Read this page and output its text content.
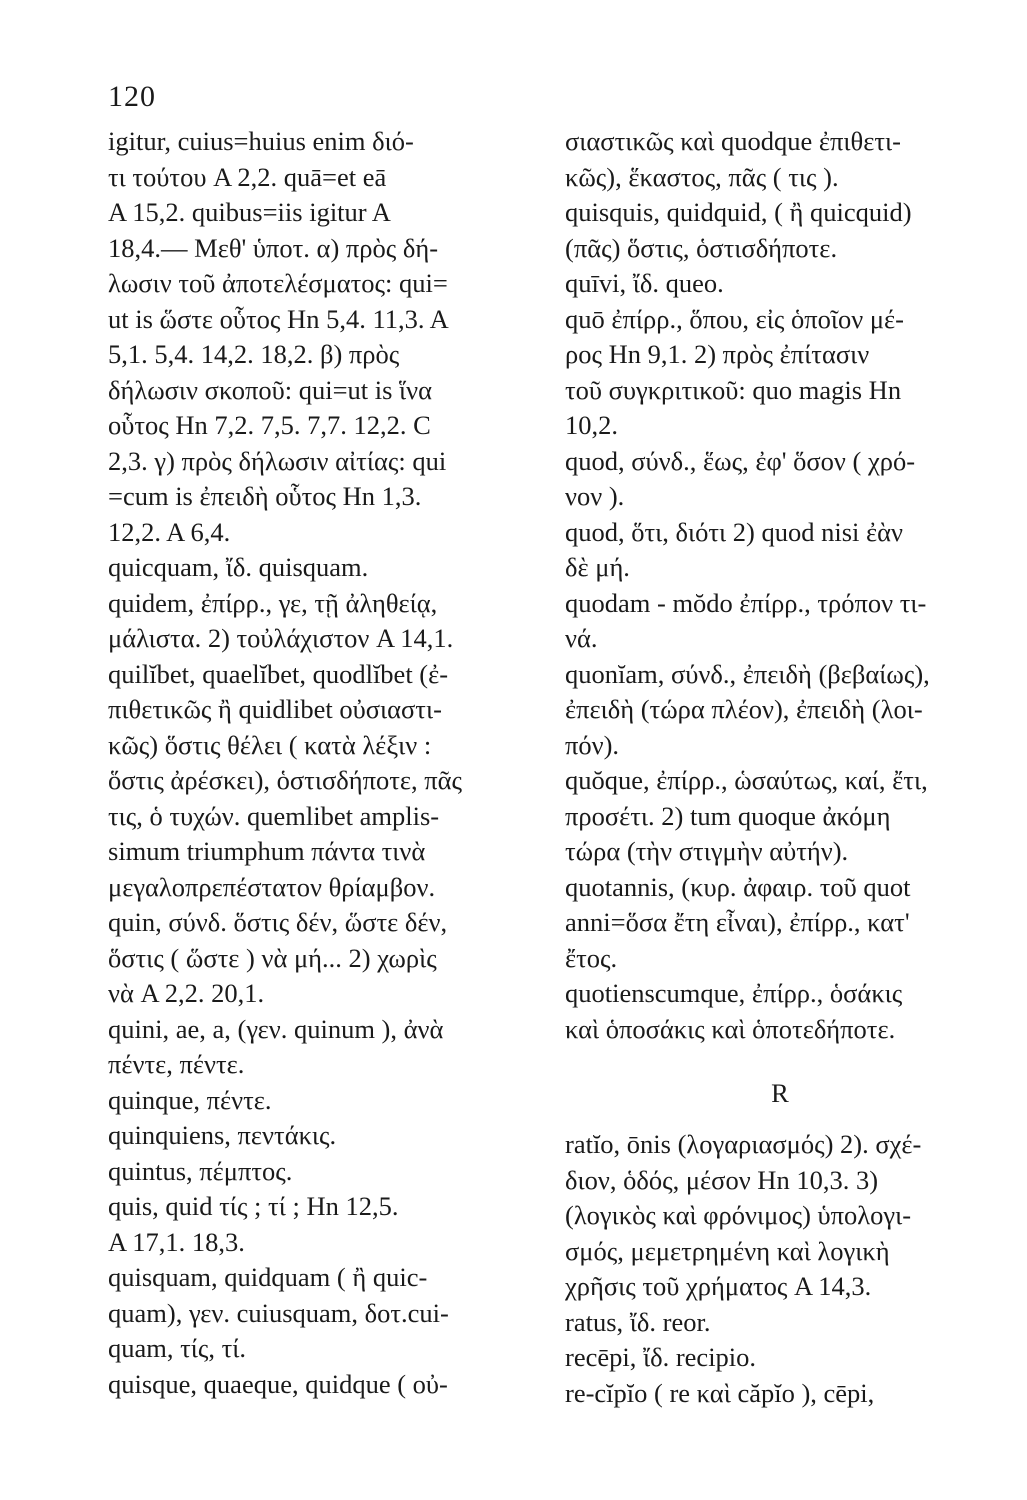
120
igitur, cuius=huius enim διό-
τι τούτου A 2,2. quā=et eā
A 15,2. quibus=iis igitur A
18,4.— Μεθ' ὑποτ. α) πρὸς δή-
λωσιν τοῦ ἀποτελέσματος: qui=
ut is ὥστε οὗτος Hn 5,4. 11,3. A
5,1. 5,4. 14,2. 18,2. β) πρὸς
δήλωσιν σκοποῦ: qui=ut is ἵνα
οὗτος Hn 7,2. 7,5. 7,7. 12,2. C
2,3. γ) πρὸς δήλωσιν αἰτίας: qui
=cum is ἐπειδὴ οὗτος Hn 1,3.
12,2. A 6,4.
quicquam, ἴδ. quisquam.
quidem, ἐπίρρ., γε, τῇ ἀληθείᾳ,
μάλιστα. 2) τοὐλάχιστον A 14,1.
quilĭbet, quaelĭbet, quodlĭbet (ἐ-
πιθετικῶς ἢ quidlibet οὐσιαστι-
κῶς) ὅστις θέλει ( κατὰ λέξιν :
ὅστις ἀρέσκει), ὁστισδήποτε, πᾶς
τις, ὁ τυχών. quemlibet amplis-
simum triumphum πάντα τινὰ
μεγαλοπρεπέστατον θρίαμβον.
quin, σύνδ. ὅστις δέν, ὥστε δέν,
ὅστις ( ὥστε ) νὰ μή... 2) χωρὶς
νὰ A 2,2. 20,1.
quini, ae, a, (γεν. quinum ), ἀνὰ
πέντε, πέντε.
quinque, πέντε.
quinquiens, πεντάκις.
quintus, πέμπτος.
quis, quid τίς ; τί ; Hn 12,5.
A 17,1. 18,3.
quisquam, quidquam ( ἢ quic-
quam), γεν. cuiusquam, δοτ.cui-
quam, τίς, τί.
quisque, quaeque, quidque ( οὐ-
σιαστικῶς καὶ quodque ἐπιθετι-
κῶς), ἕκαστος, πᾶς ( τις ).
quisquis, quidquid, ( ἢ quicquid)
(πᾶς) ὅστις, ὁστισδήποτε.
quīvi, ἴδ. queo.
quō ἐπίρρ., ὅπου, εἰς ὁποῖον μέ-
ρος Hn 9,1. 2) πρὸς ἐπίτασιν
τοῦ συγκριτικοῦ: quo magis Hn
10,2.
quod, σύνδ., ἕως, ἐφ' ὅσον ( χρό-
νον ).
quod, ὅτι, διότι 2) quod nisi ἐὰν
δὲ μή.
quodam - mŏdo ἐπίρρ., τρόπον τι-
νά.
quonĭam, σύνδ., ἐπειδὴ (βεβαίως),
ἐπειδὴ (τώρα πλέον), ἐπειδὴ (λοι-
πόν).
quŏque, ἐπίρρ., ὡσαύτως, καί, ἔτι,
προσέτι. 2) tum quoque ἀκόμη
τώρα (τὴν στιγμὴν αὐτήν).
quotannis, (κυρ. ἀφαιρ. τοῦ quot
anni=ὅσα ἔτη εἶναι), ἐπίρρ., κατ'
ἔτος.
quotienscumque, ἐπίρρ., ὁσάκις
καὶ ὁποσάκις καὶ ὁποτεδήποτε.
R
ratĭo, ōnis (λογαριασμός) 2). σχέ-
διον, ὁδός, μέσον Hn 10,3. 3)
(λογικὸς καὶ φρόνιμος) ὑπολογι-
σμός, μεμετρημένη καὶ λογικὴ
χρῆσις τοῦ χρήματος A 14,3.
ratus, ἴδ. reor.
recēpi, ἴδ. recipio.
re-cĭpĭo ( re καὶ căpĭo ), cēpi,
